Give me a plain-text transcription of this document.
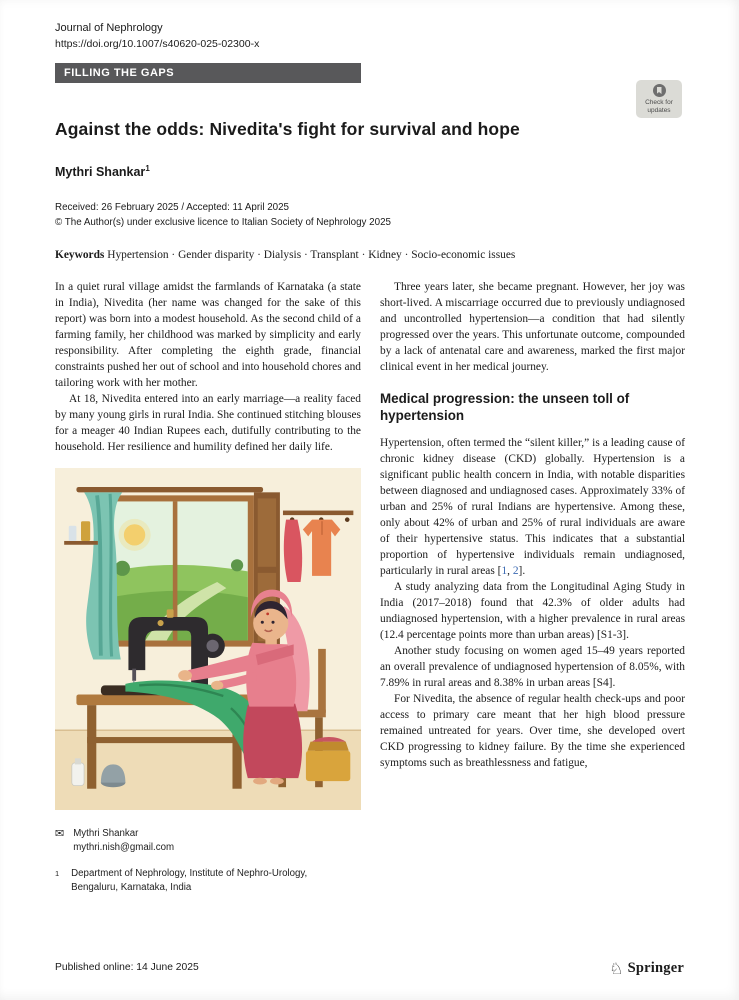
Journal of Nephrology
https://doi.org/10.1007/s40620-025-02300-x
FILLING THE GAPS
Against the odds: Nivedita's fight for survival and hope
Mythri Shankar$^1$
Received: 26 February 2025 / Accepted: 11 April 2025
© The Author(s) under exclusive licence to Italian Society of Nephrology 2025
Keywords Hypertension · Gender disparity · Dialysis · Transplant · Kidney · Socio-economic issues

In a quiet rural village amidst the farmlands of Karnataka (a state in India), Nivedita (her name was changed for the sake of this report) was born into a modest household. As the second child of a farming family, her childhood was marked by simplicity and early responsibility. After completing the eighth grade, financial constraints pushed her out of school and into household chores and tailoring work with her mother.

At 18, Nivedita entered into an early marriage—a reality faced by many young girls in rural India. She continued stitching blouses for a meager 40 Indian Rupees each, dutifully contributing to the household. Her resilience and humility defined her daily life.

✉ Mythri Shankar
mythri.nish@gmail.com
1 Department of Nephrology, Institute of Nephro-Urology, Bengaluru, Karnataka, India

Three years later, she became pregnant. However, her joy was short-lived. A miscarriage occurred due to previously undiagnosed and uncontrolled hypertension—a condition that had silently progressed over the years. This unfortunate outcome, compounded by a lack of antenatal care and awareness, marked the first major clinical event in her medical journey.

Medical progression: the unseen toll of hypertension

Hypertension, often termed the “silent killer,” is a leading cause of chronic kidney disease (CKD) globally. Hypertension is a significant public health concern in India, with notable disparities between diagnosed and undiagnosed cases. Approximately 33% of urban and 25% of rural Indians are hypertensive. Among these, only about 42% of urban and 25% of rural individuals are aware of their hypertensive status. This indicates that a substantial proportion of hypertensive individuals remain undiagnosed, particularly in rural areas [1, 2].

A study analyzing data from the Longitudinal Aging Study in India (2017–2018) found that 42.3% of older adults had undiagnosed hypertension, with a higher prevalence in rural areas (12.4 percentage points more than urban areas) [S1-3].

Another study focusing on women aged 15–49 years reported an overall prevalence of undiagnosed hypertension of 8.05%, with 7.89% in rural areas and 8.38% in urban areas [S4].

For Nivedita, the absence of regular health check-ups and poor access to primary care meant that her high blood pressure remained untreated for years. Over time, she developed overt CKD progressing to kidney failure. By the time she experienced symptoms such as breathlessness and fatigue,

Check for
updates
Published online: 14 June 2025	♘ Springer
